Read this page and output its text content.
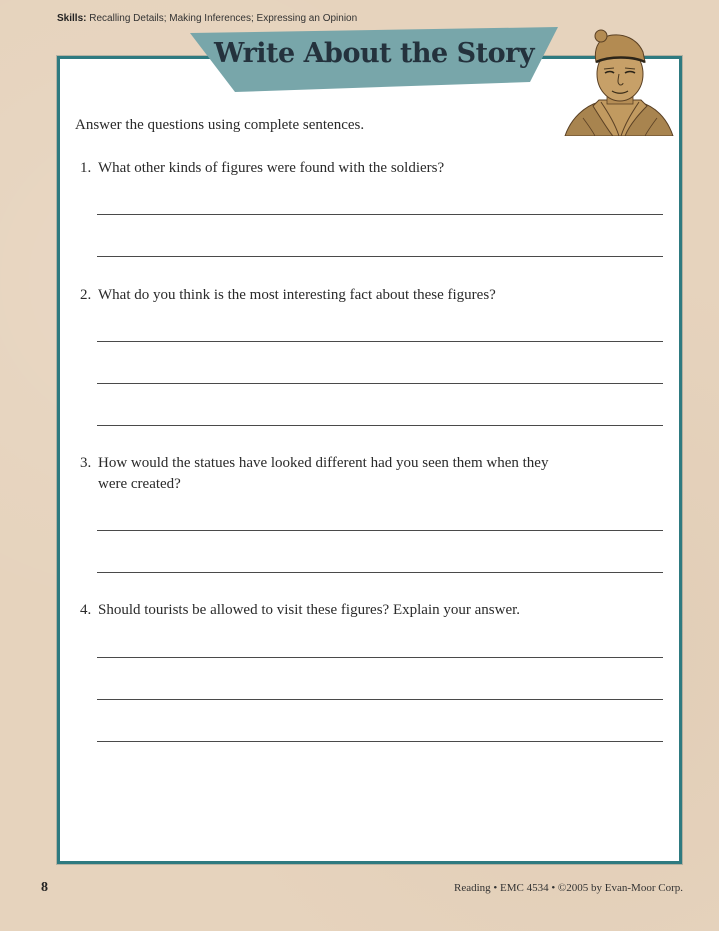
Skills: Recalling Details; Making Inferences; Expressing an Opinion
Write About the Story
Answer the questions using complete sentences.
1. What other kinds of figures were found with the soldiers?
2. What do you think is the most interesting fact about these figures?
3. How would the statues have looked different had you seen them when they
were created?
4. Should tourists be allowed to visit these figures? Explain your answer.
8	Reading • EMC 4534 • ©2005 by Evan-Moor Corp.
